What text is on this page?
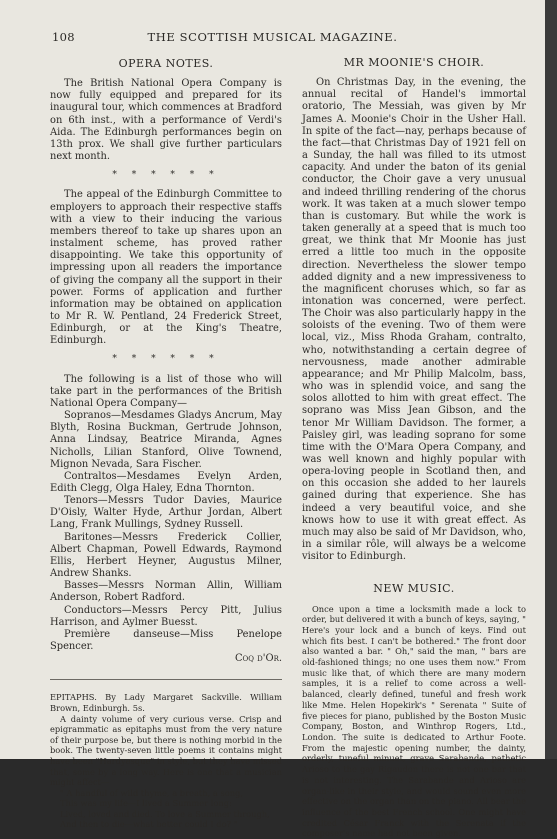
108	THE SCOTTISH MUSICAL MAGAZINE.
OPERA NOTES.

The British National Opera Company is now fully equipped and prepared for its inaugural tour, which commences at Bradford on 6th inst., with a performance of Verdi's Aida. The Edinburgh performances begin on 13th prox. We shall give further particulars next month.

* * * * * *

The appeal of the Edinburgh Committee to employers to approach their respective staffs with a view to their inducing the various members thereof to take up shares upon an instalment scheme, has proved rather disappointing. We take this opportunity of impressing upon all readers the importance of giving the company all the support in their power. Forms of application and further information may be obtained on application to Mr R. W. Pentland, 24 Frederick Street, Edinburgh, or at the King's Theatre, Edinburgh.

* * * * * *

The following is a list of those who will take part in the performances of the British National Opera Company—

Sopranos—Mesdames Gladys Ancrum, May Blyth, Rosina Buckman, Gertrude Johnson, Anna Lindsay, Beatrice Miranda, Agnes Nicholls, Lilian Stanford, Olive Townend, Mignon Nevada, Sara Fischer.

Contraltos—Mesdames Evelyn Arden, Edith Clegg, Olga Haley, Edna Thornton.

Tenors—Messrs Tudor Davies, Maurice D'Oisly, Walter Hyde, Arthur Jordan, Albert Lang, Frank Mullings, Sydney Russell.

Baritones—Messrs Frederick Collier, Albert Chapman, Powell Edwards, Raymond Ellis, Herbert Heyner, Augustus Milner, Andrew Shanks.

Basses—Messrs Norman Allin, William Anderson, Robert Radford.

Conductors—Messrs Percy Pitt, Julius Harrison, and Aylmer Buesst.

Première danseuse—Miss Penelope Spencer.

Coq d'Or.

EPITAPHS. By Lady Margaret Sackville. William Brown, Edinburgh. 5s.

A dainty volume of very curious verse. Crisp and epigrammatic as epitaphs must from the very nature of their purpose be, but there is nothing morbid in the book. The twenty-seven little poems it contains might have been "Hardyesque" in style, but they have missed that, some by a long way. Here is one that a musician might affect—

" A handful of wild thyme, a breath, a song,
This was my life—I lived a Summer long:
Lived, loved and died. To love a Summer through,
And then to die—what better could I do? "
MR MOONIE'S CHOIR.

On Christmas Day, in the evening, the annual recital of Handel's immortal oratorio, The Messiah, was given by Mr James A. Moonie's Choir in the Usher Hall. In spite of the fact—nay, perhaps because of the fact—that Christmas Day of 1921 fell on a Sunday, the hall was filled to its utmost capacity. And under the baton of its genial conductor, the Choir gave a very unusual and indeed thrilling rendering of the chorus work. It was taken at a much slower tempo than is customary. But while the work is taken generally at a speed that is much too great, we think that Mr Moonie has just erred a little too much in the opposite direction. Nevertheless the slower tempo added dignity and a new impressiveness to the magnificent choruses which, so far as intonation was concerned, were perfect. The Choir was also particularly happy in the soloists of the evening. Two of them were local, viz., Miss Rhoda Graham, contralto, who, notwithstanding a certain degree of nervousness, made another admirable appearance; and Mr Philip Malcolm, bass, who was in splendid voice, and sang the solos allotted to him with great effect. The soprano was Miss Jean Gibson, and the tenor Mr William Davidson. The former, a Paisley girl, was leading soprano for some time with the O'Mara Opera Company, and was well known and highly popular with opera-loving people in Scotland then, and on this occasion she added to her laurels gained during that experience. She has indeed a very beautiful voice, and she knows how to use it with great effect. As much may also be said of Mr Davidson, who, in a similar rôle, will always be a welcome visitor to Edinburgh.

NEW MUSIC.

Once upon a time a locksmith made a lock to order, but delivered it with a bunch of keys, saying, " Here's your lock and a bunch of keys. Find out which fits best. I can't be bothered." The front door also wanted a bar. " Oh," said the man, " bars are old-fashioned things; no one uses them now." From music like that, of which there are many modern samples, it is a relief to come across a well-balanced, clearly defined, tuneful and fresh work like Mme. Helen Hopekirk's " Serenata " Suite of five pieces for piano, published by the Boston Music Company, Boston, and Winthrop Rogers, Ltd., London. The suite is dedicated to Arthur Foote. From the majestic opening number, the dainty, orderly, tuneful minuet, grave Sarabande, pathetic Arioso to the gay Rigaudon there is not one bar that is not interesting. The Sarabande and Arioso are organ-like in their style, and would sound even more effective on the organ than on the piano. All bear the influence of the best French school. One might have credited César Franck with the Serenata if the composer's name had not been given.
